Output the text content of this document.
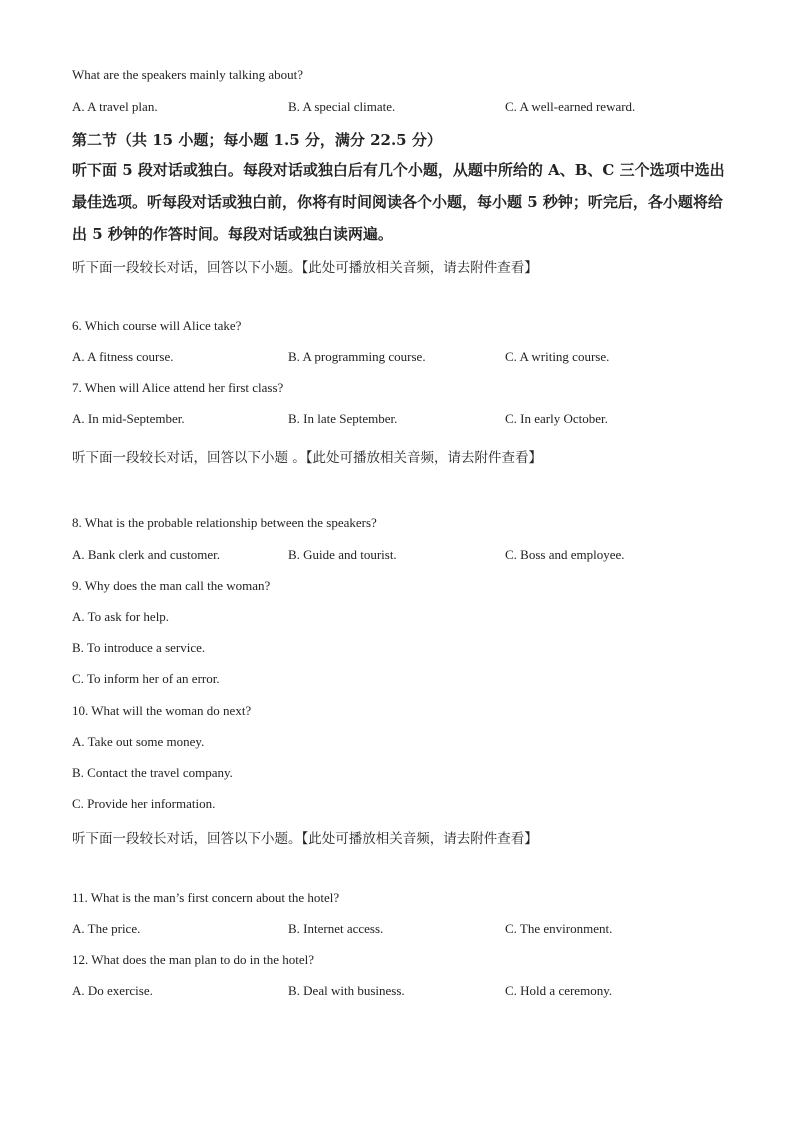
What are the speakers mainly talking about?
A. A travel plan.	B. A special climate.	C. A well-earned reward.
第二节（共 15 小题；每小题 1.5 分，满分 22.5 分）
听下面 5 段对话或独白。每段对话或独白后有几个小题，从题中所给的 A、B、C 三个选项中选出最佳选项。听每段对话或独白前，你将有时间阅读各个小题，每小题 5 秒钟；听完后，各小题将给出 5 秒钟的作答时间。每段对话或独白读两遍。
听下面一段较长对话，回答以下小题。【此处可播放相关音频，请去附件查看】
6. Which course will Alice take?
A. A fitness course.	B. A programming course.	C. A writing course.
7. When will Alice attend her first class?
A. In mid-September.	B. In late September.	C. In early October.
听下面一段较长对话，回答以下小题 。【此处可播放相关音频，请去附件查看】
8. What is the probable relationship between the speakers?
A. Bank clerk and customer.	B. Guide and tourist.	C. Boss and employee.
9. Why does the man call the woman?
A. To ask for help.
B. To introduce a service.
C. To inform her of an error.
10. What will the woman do next?
A. Take out some money.
B. Contact the travel company.
C. Provide her information.
听下面一段较长对话，回答以下小题。【此处可播放相关音频，请去附件查看】
11. What is the man’s first concern about the hotel?
A. The price.	B. Internet access.	C. The environment.
12. What does the man plan to do in the hotel?
A. Do exercise.	B. Deal with business.	C. Hold a ceremony.
